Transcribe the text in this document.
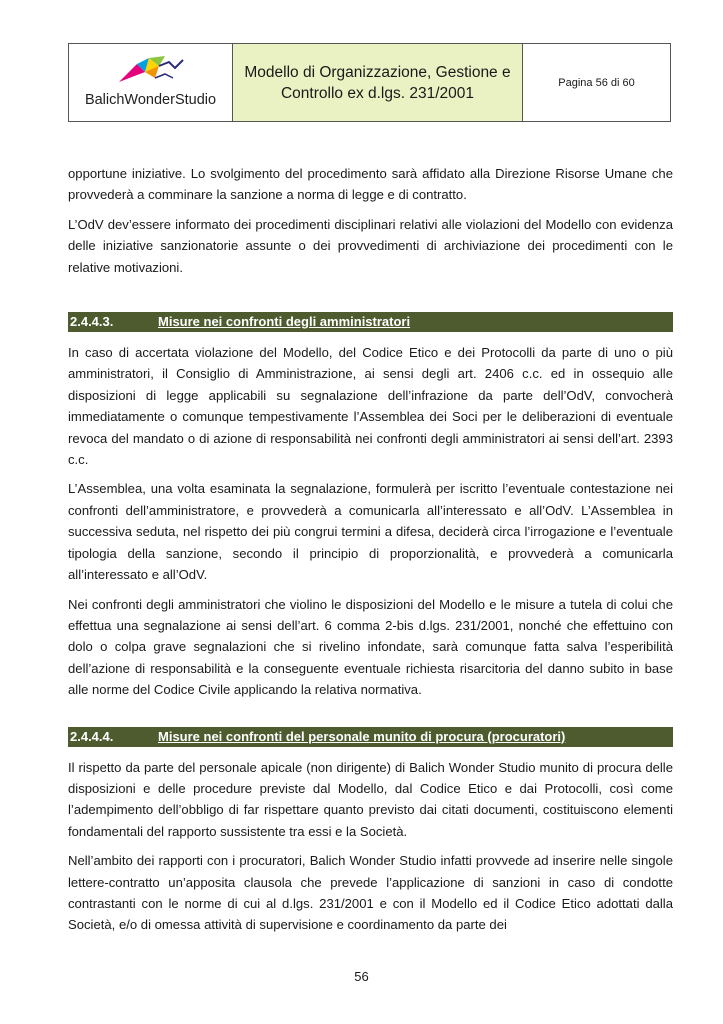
BalichWonderStudio
Modello di Organizzazione, Gestione e Controllo ex d.lgs. 231/2001
Pagina 56 di 60

opportune iniziative. Lo svolgimento del procedimento sarà affidato alla Direzione Risorse Umane che provvederà a comminare la sanzione a norma di legge e di contratto.

L’OdV dev’essere informato dei procedimenti disciplinari relativi alle violazioni del Modello con evidenza delle iniziative sanzionatorie assunte o dei provvedimenti di archiviazione dei procedimenti con le relative motivazioni.

2.4.4.3.	Misure nei confronti degli amministratori

In caso di accertata violazione del Modello, del Codice Etico e dei Protocolli da parte di uno o più amministratori, il Consiglio di Amministrazione, ai sensi degli art. 2406 c.c. ed in ossequio alle disposizioni di legge applicabili su segnalazione dell’infrazione da parte dell’OdV, convocherà immediatamente o comunque tempestivamente l’Assemblea dei Soci per le deliberazioni di eventuale revoca del mandato o di azione di responsabilità nei confronti degli amministratori ai sensi dell’art. 2393 c.c.

L’Assemblea, una volta esaminata la segnalazione, formulerà per iscritto l’eventuale contestazione nei confronti dell’amministratore, e provvederà a comunicarla all’interessato e all’OdV. L’Assemblea in successiva seduta, nel rispetto dei più congrui termini a difesa, deciderà circa l’irrogazione e l’eventuale tipologia della sanzione, secondo il principio di proporzionalità, e provvederà a comunicarla all’interessato e all’OdV.

Nei confronti degli amministratori che violino le disposizioni del Modello e le misure a tutela di colui che effettua una segnalazione ai sensi dell’art. 6 comma 2-bis d.lgs. 231/2001, nonché che effettuino con dolo o colpa grave segnalazioni che si rivelino infondate, sarà comunque fatta salva l’esperibilità dell’azione di responsabilità e la conseguente eventuale richiesta risarcitoria del danno subito in base alle norme del Codice Civile applicando la relativa normativa.

2.4.4.4.	Misure nei confronti del personale munito di procura (procuratori)

Il rispetto da parte del personale apicale (non dirigente) di Balich Wonder Studio munito di procura delle disposizioni e delle procedure previste dal Modello, dal Codice Etico e dai Protocolli, così come l’adempimento dell’obbligo di far rispettare quanto previsto dai citati documenti, costituiscono elementi fondamentali del rapporto sussistente tra essi e la Società.

Nell’ambito dei rapporti con i procuratori, Balich Wonder Studio infatti provvede ad inserire nelle singole lettere-contratto un’apposita clausola che prevede l’applicazione di sanzioni in caso di condotte contrastanti con le norme di cui al d.lgs. 231/2001 e con il Modello ed il Codice Etico adottati dalla Società, e/o di omessa attività di supervisione e coordinamento da parte dei

56
